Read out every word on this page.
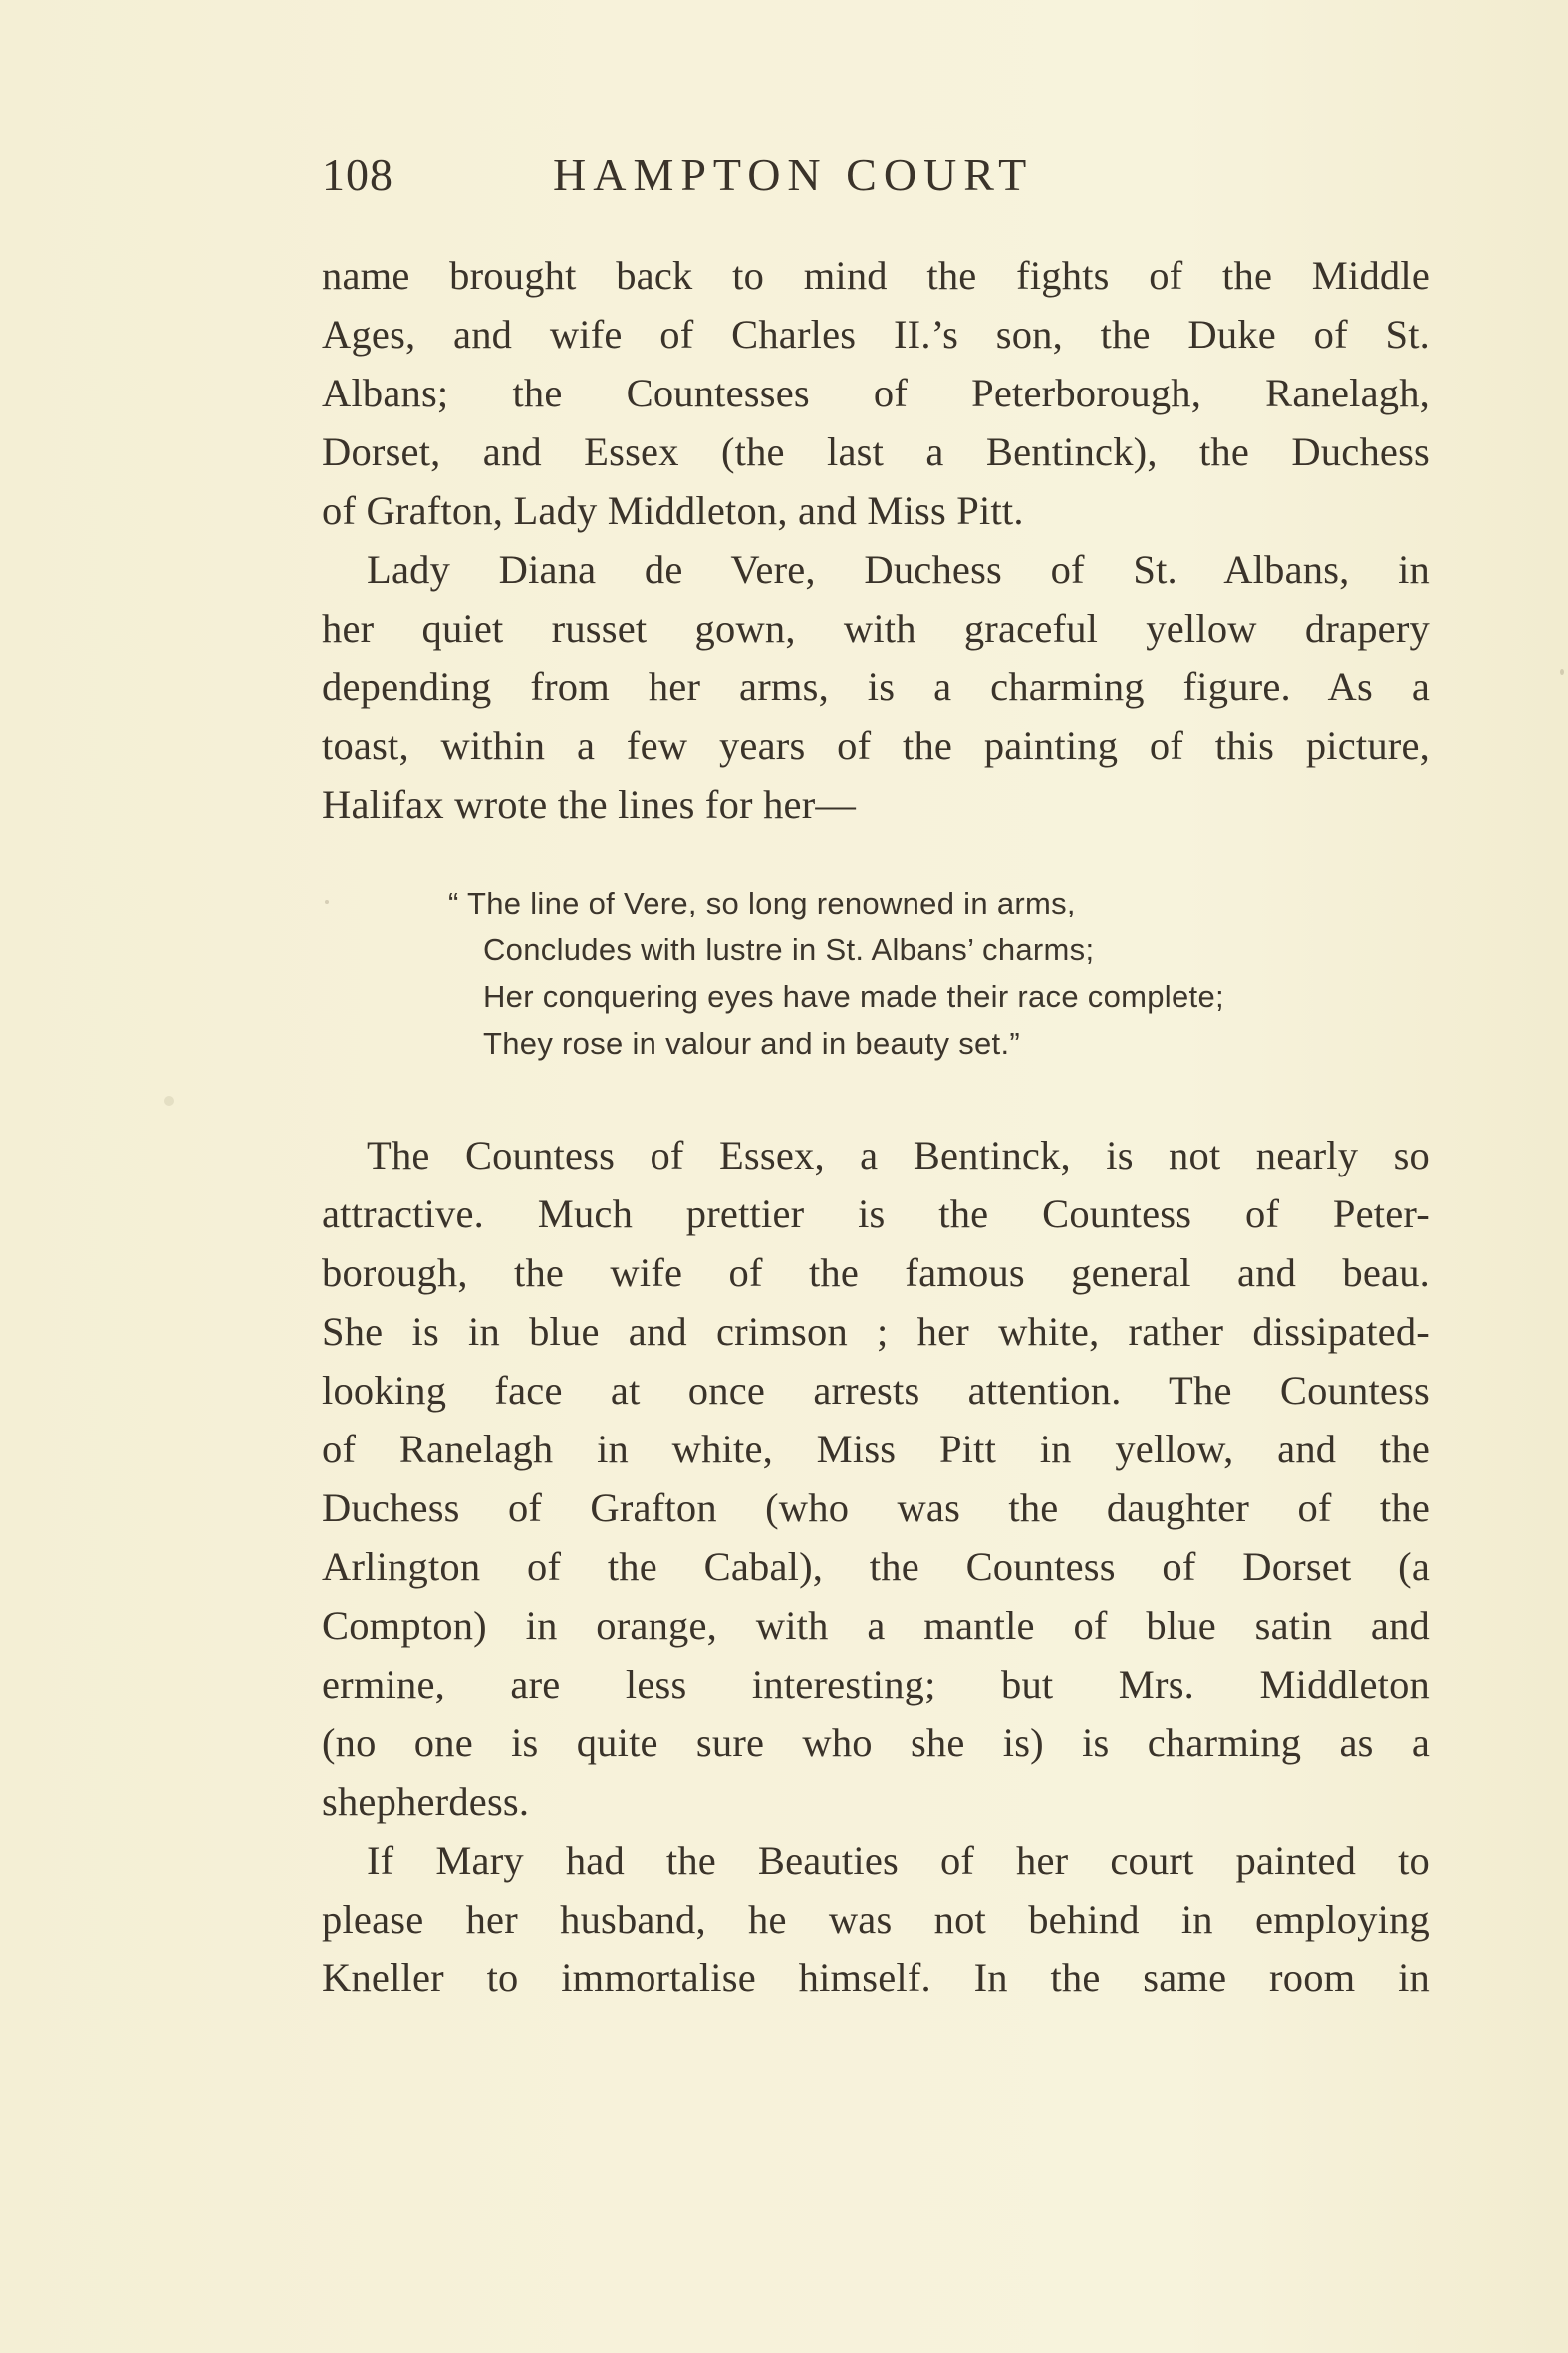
108	HAMPTON COURT
name brought back to mind the fights of the Middle
Ages, and wife of Charles II.’s son, the Duke of St.
Albans; the Countesses of Peterborough, Ranelagh,
Dorset, and Essex (the last a Bentinck), the Duchess
of Grafton, Lady Middleton, and Miss Pitt.
Lady Diana de Vere, Duchess of St. Albans, in
her quiet russet gown, with graceful yellow drapery
depending from her arms, is a charming figure. As a
toast, within a few years of the painting of this picture,
Halifax wrote the lines for her—
“ The line of Vere, so long renowned in arms,
Concludes with lustre in St. Albans’ charms;
Her conquering eyes have made their race complete;
They rose in valour and in beauty set.”
The Countess of Essex, a Bentinck, is not nearly so
attractive. Much prettier is the Countess of Peter-
borough, the wife of the famous general and beau.
She is in blue and crimson ; her white, rather dissipated-
looking face at once arrests attention. The Countess
of Ranelagh in white, Miss Pitt in yellow, and the
Duchess of Grafton (who was the daughter of the
Arlington of the Cabal), the Countess of Dorset (a
Compton) in orange, with a mantle of blue satin and
ermine, are less interesting; but Mrs. Middleton
(no one is quite sure who she is) is charming as a
shepherdess.
If Mary had the Beauties of her court painted to
please her husband, he was not behind in employing
Kneller to immortalise himself. In the same room in
